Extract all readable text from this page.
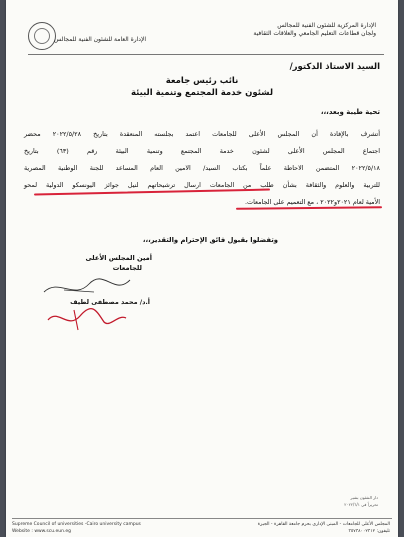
الإدارة المركزية للشئون الفنية للمجالس
ولجان قطاعات التعليم الجامعي والعلاقات الثقافية
الإدارة العامة للشئون الفنية للمجالس
السيد الاستاذ الدكتور/
نائب رئيس جامعة
لشئون خدمة المجتمع وتنمية البيئة
تحية طيبة وبعد،،،
أتشرف بالإفادة أن المجلس الأعلى للجامعات اعتمد بجلسته المنعقدة بتاريخ ٢٠٢٢/٥/٢٨ محضر
اجتماع المجلس الأعلى لشئون خدمة المجتمع وتنمية البيئة رقم (٦٣) بتاريخ
٢٠٢٢/٥/١٨ المتضمن الاحاطة علماً بكتاب السيد/ الامين العام المساعد للجنة الوطنية المصرية
للتربية والعلوم والثقافة بشأن طلب من الجامعات ارسال ترشيحاتهم لنيل جوائز اليونسكو الدولية لمحو
الأمية لعام ٢٠٢١و٢٠٢٢ ، مع التعميم على الجامعات.
وتفضلوا بقبول فائق الإحترام والتقدير،،،
أمين المجلس الأعلى
للجامعات
أ.د/ محمد مصطفى لطيف
دار الشئون بشير
تحريراً في ٢٠٢٢/٦/١
Supreme Council of universities -Cairo university campus
Website : www.scu.eun.eg
المجلس الأعلى للجامعات - المبنى الإداري بحرم جامعة القاهرة - الجيزة
تليفون: ٣٥٧٣٨٠٠٢٣١٢
